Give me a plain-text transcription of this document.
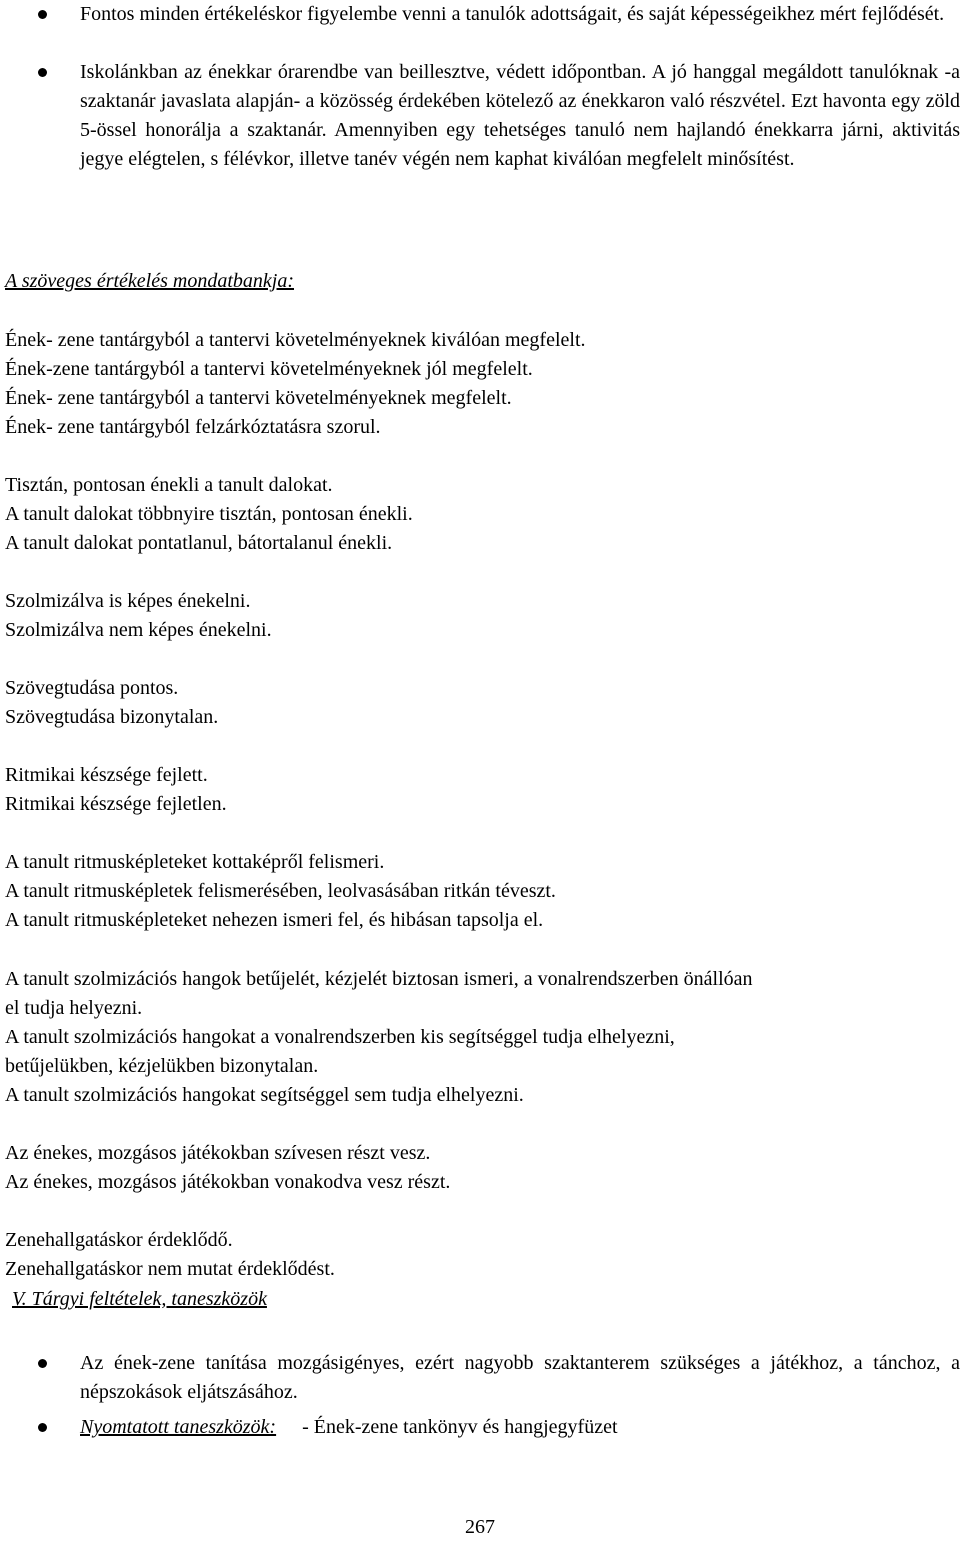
Fontos minden értékeléskor figyelembe venni a tanulók adottságait, és saját képességeikhez mért fejlődését.
Iskolánkban az énekkar órarendbe van beillesztve, védett időpontban. A jó hanggal megáldott tanulóknak -a szaktanár javaslata alapján- a közösség érdekében kötelező az énekkaron való részvétel. Ezt havonta egy zöld 5-össel honorálja a szaktanár. Amennyiben egy tehetséges tanuló nem hajlandó énekkarra járni, aktivitás jegye elégtelen, s félévkor, illetve tanév végén nem kaphat kiválóan megfelelt minősítést.
A szöveges értékelés mondatbankja:
Ének- zene tantárgyból a tantervi követelményeknek kiválóan megfelelt.
Ének-zene tantárgyból a tantervi követelményeknek jól megfelelt.
Ének- zene tantárgyból a tantervi követelményeknek megfelelt.
Ének- zene tantárgyból felzárkóztatásra szorul.
Tisztán, pontosan énekli a tanult dalokat.
A tanult dalokat többnyire tisztán, pontosan énekli.
A tanult dalokat pontatlanul, bátortalanul énekli.
Szolmizálva is képes énekelni.
Szolmizálva nem képes énekelni.
Szövegtudása pontos.
Szövegtudása bizonytalan.
Ritmikai készsége fejlett.
Ritmikai készsége fejletlen.
A tanult ritmusképleteket kottaképről felismeri.
A tanult ritmusképletek felismerésében, leolvasásában ritkán téveszt.
A tanult ritmusképleteket nehezen ismeri fel, és hibásan tapsolja el.
A tanult szolmizációs hangok betűjelét, kézjelét biztosan ismeri, a vonalrendszerben önállóan
el tudja helyezni.
A tanult szolmizációs hangokat a vonalrendszerben kis segítséggel tudja elhelyezni,
betűjelükben, kézjelükben bizonytalan.
A tanult szolmizációs hangokat segítséggel sem tudja elhelyezni.
Az énekes, mozgásos játékokban szívesen részt vesz.
Az énekes, mozgásos játékokban vonakodva vesz részt.
Zenehallgatáskor érdeklődő.
Zenehallgatáskor nem mutat érdeklődést.
V. Tárgyi feltételek, taneszközök
Az ének-zene tanítása mozgásigényes, ezért nagyobb szaktanterem szükséges a játékhoz, a tánchoz, a népszokások eljátszásához.
Nyomtatott taneszközök: - Ének-zene tankönyv és hangjegyfüzet
267
